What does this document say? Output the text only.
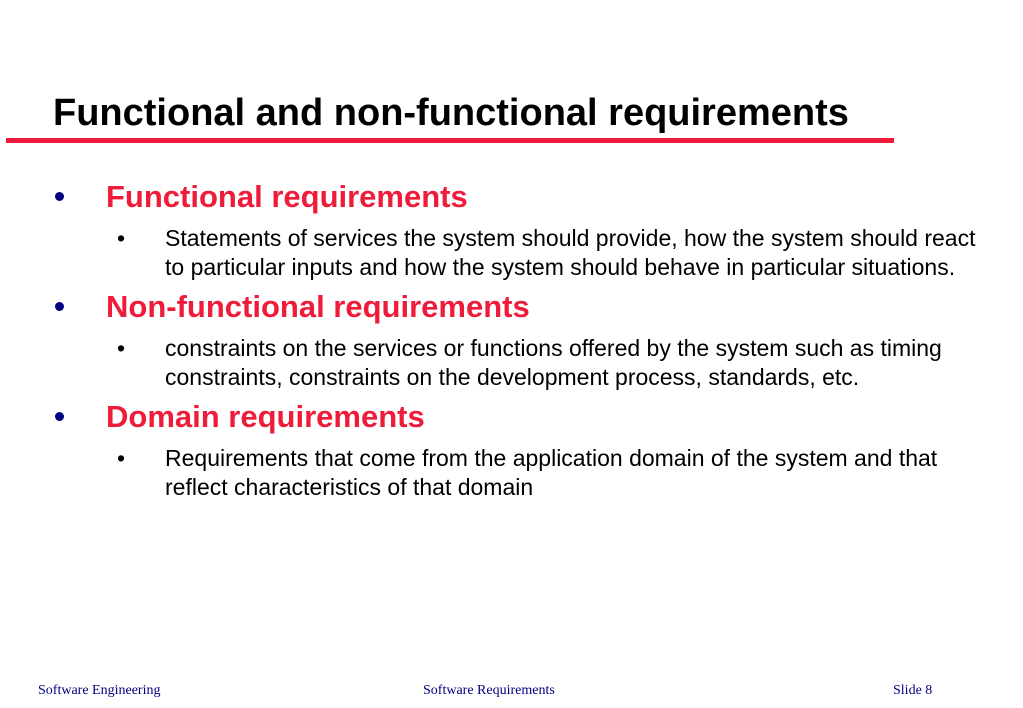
Functional and non-functional requirements
Functional requirements
• Statements of services the system should provide, how the system should react to particular inputs and how the system should behave in particular situations.
Non-functional requirements
• constraints on the services or functions offered by the system such as timing constraints, constraints on the development process, standards, etc.
Domain requirements
• Requirements that come from the application domain of the system and that reflect characteristics of that domain
Software Engineering	Software Requirements	Slide 8
